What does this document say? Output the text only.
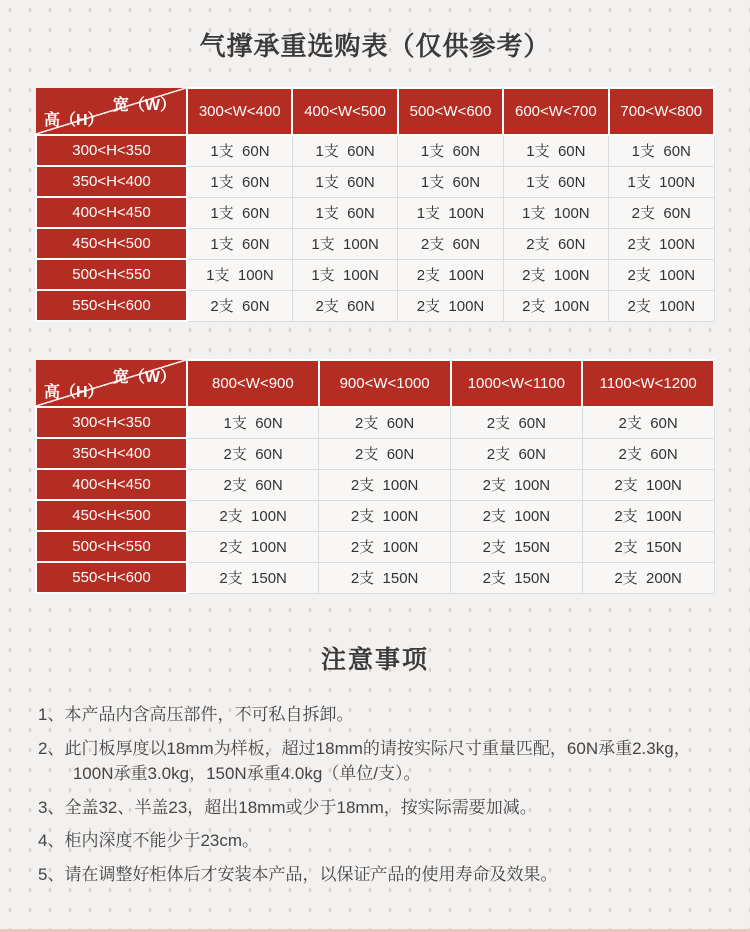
气撑承重选购表（仅供参考）
宽（W）
高（H）	300<W<400	400<W<500	500<W<600	600<W<700	700<W<800
300<H<350	1支  60N	1支  60N	1支  60N	1支  60N	1支  60N
350<H<400	1支  60N	1支  60N	1支  60N	1支  60N	1支  100N
400<H<450	1支  60N	1支  60N	1支  100N	1支  100N	2支  60N
450<H<500	1支  60N	1支  100N	2支  60N	2支  60N	2支  100N
500<H<550	1支  100N	1支  100N	2支  100N	2支  100N	2支  100N
550<H<600	2支  60N	2支  60N	2支  100N	2支  100N	2支  100N
宽（W）
高（H）	800<W<900	900<W<1000	1000<W<1100	1100<W<1200
300<H<350	1支  60N	2支  60N	2支  60N	2支  60N
350<H<400	2支  60N	2支  60N	2支  60N	2支  60N
400<H<450	2支  60N	2支  100N	2支  100N	2支  100N
450<H<500	2支  100N	2支  100N	2支  100N	2支  100N
500<H<550	2支  100N	2支  100N	2支  150N	2支  150N
550<H<600	2支  150N	2支  150N	2支  150N	2支  200N
注意事项
1、本产品内含高压部件，不可私自拆卸。
2、此门板厚度以18mm为样板，超过18mm的请按实际尺寸重量匹配，60N承重2.3kg，100N承重3.0kg，150N承重4.0kg（单位/支）。
3、全盖32、半盖23，超出18mm或少于18mm，按实际需要加减。
4、柜内深度不能少于23cm。
5、请在调整好柜体后才安装本产品，以保证产品的使用寿命及效果。
